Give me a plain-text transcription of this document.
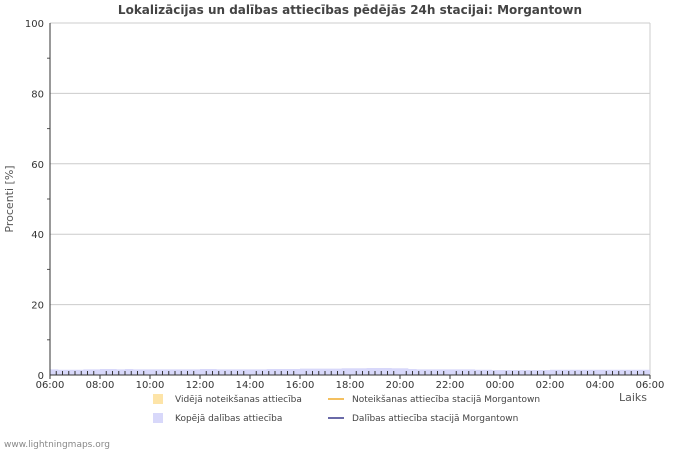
Lokalizācijas un dalības attiecības pēdējās 24h stacijai: Morgantown
0
20
40
60
80
100
06:00 08:00 10:00 12:00 14:00 16:00 18:00 20:00 22:00 00:00 02:00 04:00 06:00
Procenti [%]
Laiks
Kopējā dalības attiecība
Vidējā noteikšanas attiecība	Noteikšanas attiecība stacijā Morgantown
Dalības attiecība stacijā Morgantown
www.lightningmaps.org
